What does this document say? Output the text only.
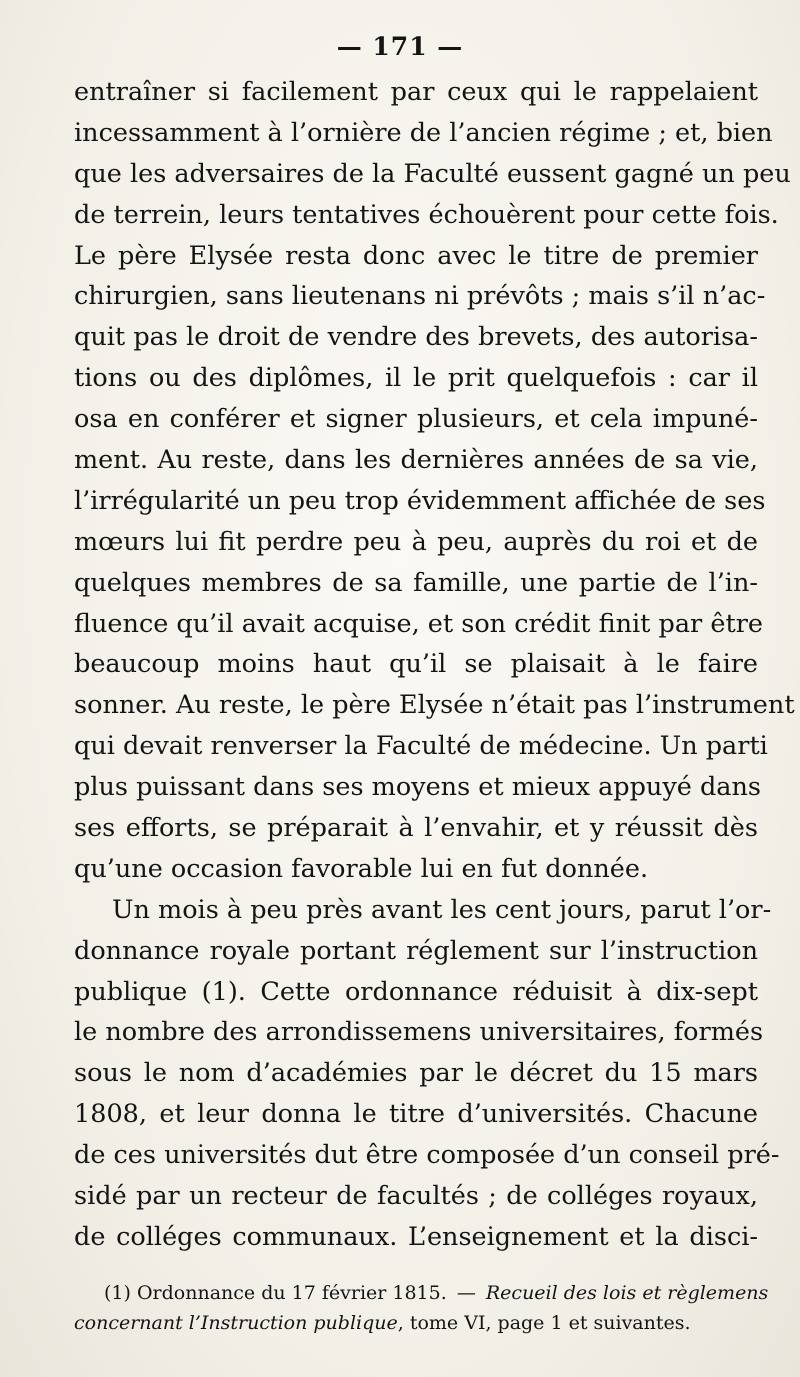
— 171 —
entraîner si facilement par ceux qui le rappelaient
incessamment à l’ornière de l’ancien régime ; et, bien
que les adversaires de la Faculté eussent gagné un peu
de terrein, leurs tentatives échouèrent pour cette fois.
Le père Elysée resta donc avec le titre de premier
chirurgien, sans lieutenans ni prévôts ; mais s’il n’ac-
quit pas le droit de vendre des brevets, des autorisa-
tions ou des diplômes, il le prit quelquefois : car il
osa en conférer et signer plusieurs, et cela impuné-
ment. Au reste, dans les dernières années de sa vie,
l’irrégularité un peu trop évidemment affichée de ses
mœurs lui fit perdre peu à peu, auprès du roi et de
quelques membres de sa famille, une partie de l’in-
fluence qu’il avait acquise, et son crédit finit par être
beaucoup moins haut qu’il se plaisait à le faire
sonner. Au reste, le père Elysée n’était pas l’instrument
qui devait renverser la Faculté de médecine. Un parti
plus puissant dans ses moyens et mieux appuyé dans
ses efforts, se préparait à l’envahir, et y réussit dès
qu’une occasion favorable lui en fut donnée.
Un mois à peu près avant les cent jours, parut l’or-
donnance royale portant réglement sur l’instruction
publique (1). Cette ordonnance réduisit à dix-sept
le nombre des arrondissemens universitaires, formés
sous le nom d’académies par le décret du 15 mars
1808, et leur donna le titre d’universités. Chacune
de ces universités dut être composée d’un conseil pré-
sidé par un recteur de facultés ; de colléges royaux,
de colléges communaux. L’enseignement et la disci-
(1) Ordonnance du 17 février 1815. — Recueil des lois et règlemens
concernant l’Instruction publique, tome VI, page 1 et suivantes.
